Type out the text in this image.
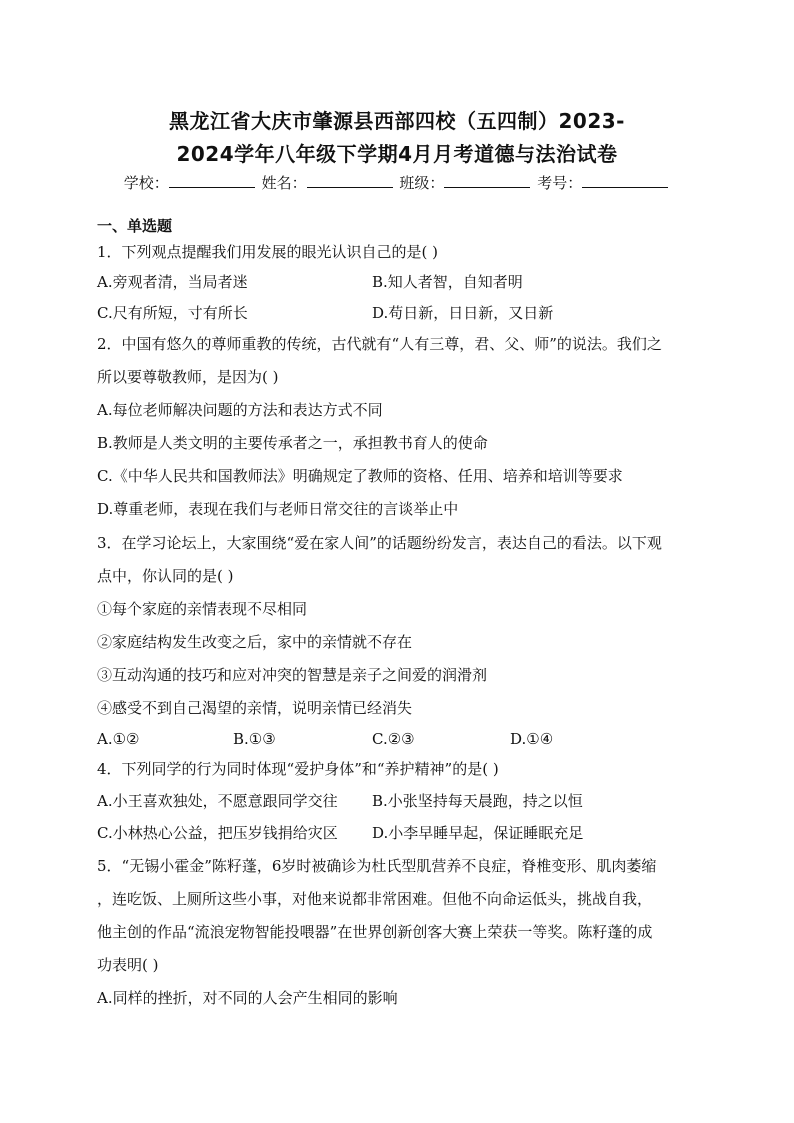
黑龙江省大庆市肇源县西部四校（五四制）2023-
2024学年八年级下学期4月月考道德与法治试卷
学校：	姓名：	班级：	考号：
一、单选题
1．下列观点提醒我们用发展的眼光认识自己的是( )
A.旁观者清，当局者迷	B.知人者智，自知者明
C.尺有所短，寸有所长	D.苟日新，日日新，又日新
2．中国有悠久的尊师重教的传统，古代就有“人有三尊，君、父、师”的说法。我们之
所以要尊敬教师，是因为( )
A.每位老师解决问题的方法和表达方式不同
B.教师是人类文明的主要传承者之一，承担教书育人的使命
C.《中华人民共和国教师法》明确规定了教师的资格、任用、培养和培训等要求
D.尊重老师，表现在我们与老师日常交往的言谈举止中
3．在学习论坛上，大家围绕“爱在家人间”的话题纷纷发言，表达自己的看法。以下观
点中，你认同的是( )
①每个家庭的亲情表现不尽相同
②家庭结构发生改变之后，家中的亲情就不存在
③互动沟通的技巧和应对冲突的智慧是亲子之间爱的润滑剂
④感受不到自己渴望的亲情，说明亲情已经消失
A.①②	B.①③	C.②③	D.①④
4．下列同学的行为同时体现“爱护身体”和“养护精神”的是( )
A.小王喜欢独处，不愿意跟同学交往 B.小张坚持每天晨跑，持之以恒
C.小林热心公益，把压岁钱捐给灾区 D.小李早睡早起，保证睡眠充足
5．“无锡小霍金”陈籽蓬，6岁时被确诊为杜氏型肌营养不良症，脊椎变形、肌肉萎缩
，连吃饭、上厕所这些小事，对他来说都非常困难。但他不向命运低头，挑战自我，
他主创的作品“流浪宠物智能投喂器”在世界创新创客大赛上荣获一等奖。陈籽蓬的成
功表明( )
A.同样的挫折，对不同的人会产生相同的影响
